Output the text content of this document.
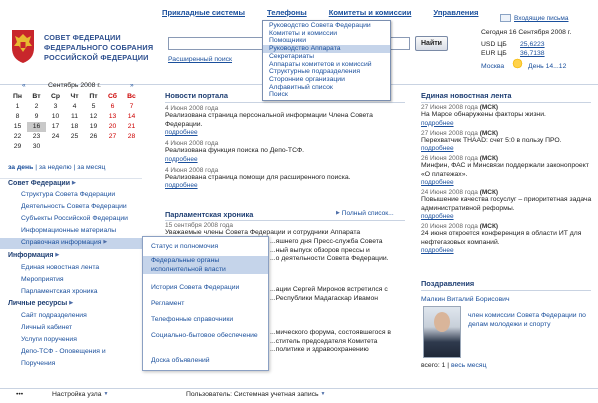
СОВЕТ ФЕДЕРАЦИИ
ФЕДЕРАЛЬНОГО СОБРАНИЯ
РОССИЙСКОЙ ФЕДЕРАЦИИ
Прикладные системы	Телефоны	Комитеты и комиссии	Управления
Входящие письма
Найти
Расширенный поиск
Сегодня 16 Сентября 2008 г.
USD ЦБ 25,6223
EUR ЦБ 36,7138
Москва	День 14...12
«	Сентябрь 2008 г.	»
Пн	Вт	Ср	Чт	Пт	Сб	Вс
1	2	3	4	5	6	7
8	9	10	11	12	13	14
15	16	17	18	19	20	21
22	23	24	25	26	27	28
29	30
за день | за неделю | за месяц
Совет Федерации ▶
Структура Совета Федерации
Деятельность Совета Федерации
Субъекты Российской Федерации
Информационные материалы
Справочная информация ▶
Информация ▶
Единая новостная лента
Мероприятия
Парламентская хроника
Личные ресурсы ▶
Сайт подразделения
Личный кабинет
Услуги поручения
Депо-ТСФ - Оповещения и
Поручения
Новости портала
4 Июня 2008 года
Реализована страница персональной информации Члена Совета Федерации.
подробнее
4 Июня 2008 года
Реализована функция поиска по Депо-ТСФ.
подробнее
4 Июня 2008 года
Реализована страница помощи для расширенного поиска.
подробнее
Парламентская хроника	▶ Полный список...
15 сентября 2008 года
Уважаемые члены Совета Федерации и сотрудники Аппарата
...яшнего дня Пресс-служба Совета
...ный выпуск обзоров прессы и
...о деятельности Совета Федерации.
...ации Сергей Миронов встретился с
...Республики Мадагаскар Ивамон
...мического форума, состоявшегося в
...ститель председателя Комитета
...политике и здравоохранению
Единая новостная лента
27 Июня 2008 года (МСК)
На Марсе обнаружены факторы жизни.
подробнее
27 Июня 2008 года (МСК)
Перехватчик THAAD: счет 5:0 в пользу ПРО.
подробнее
26 Июня 2008 года (МСК)
Минфин, ФАС и Минсвязи поддержали законопроект «О платежах».
подробнее
24 Июня 2008 года (МСК)
Повышение качества госуслуг – приоритетная задача административной реформы.
подробнее
20 Июня 2008 года (МСК)
24 июня откроется конференция в области ИТ для нефтегазовых компаний.
подробнее
Поздравления
Малкин Виталий Борисович
член комиссии Совета Федерации по делам молодежи и спорту
всего: 1 | весь месяц
Статус и полномочия
Федеральные органы исполнительной власти
История Совета Федерации
Регламент
Телефонные справочники
Социально-бытовое обеспечение
Доска объявлений
Руководство Совета Федерации
Комитеты и комиссии
Помощники
Руководство Аппарата
Секретариаты
Аппараты комитетов и комиссий
Структурные подразделения
Сторонние организации
Алфавитный список
Поиск
•••	Настройка узла ▼	Пользователь: Системная учетная запись ▼
